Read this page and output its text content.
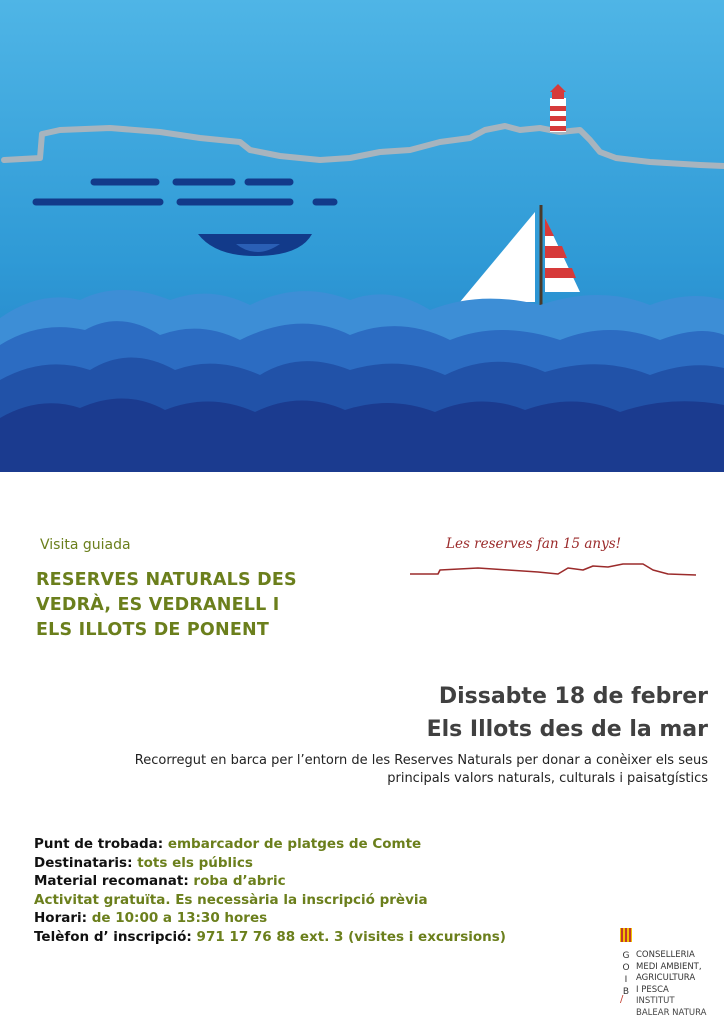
Visita guiada
RESERVES NATURALS DES
VEDRÀ, ES VEDRANELL I
ELS ILLOTS DE PONENT
Les reserves fan 15 anys!
Dissabte 18 de febrer
Els Illots des de la mar
Recorregut en barca per l’entorn de les Reserves Naturals per donar a conèixer els seus
principals valors naturals, culturals i paisatgístics
Punt de trobada: embarcador de platges de Comte
Destinataris: tots els públics
Material recomanat: roba d’abric
Activitat gratuïta. Es necessària la inscripció prèvia
Horari: de 10:00 a 13:30 hores
Telèfon d’ inscripció: 971 17 76 88 ext. 3 (visites i excursions)
G
O
I
B
/
CONSELLERIA
MEDI AMBIENT,
AGRICULTURA
I PESCA
INSTITUT
BALEAR NATURA
